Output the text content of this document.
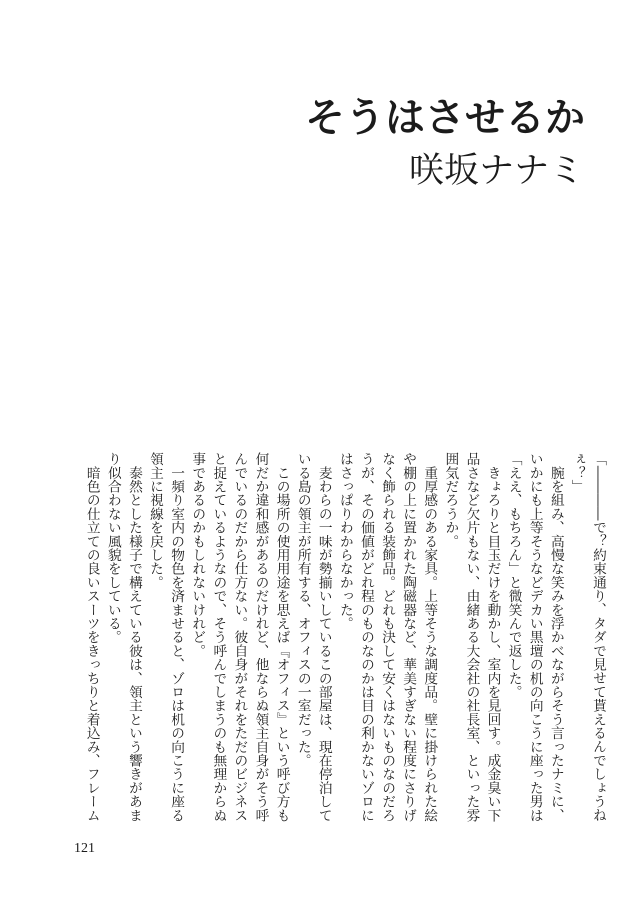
そうはさせるか
咲坂ナナミ
「――――で？約束通り、タダで見せて貰えるんでしょうね
ぇ？」
　腕を組み、高慢な笑みを浮かべながらそう言ったナミに、
いかにも上等そうなどデカい黒壇の机の向こうに座った男は
「ええ、もちろん」と微笑んで返した。
　きょろりと目玉だけを動かし、室内を見回す。成金臭い下
品さなど欠片もない、由緒ある大会社の社長室、といった雰
囲気だろうか。
　重厚感のある家具。上等そうな調度品。壁に掛けられた絵
や棚の上に置かれた陶磁器など、華美すぎない程度にさりげ
なく飾られる装飾品。どれも決して安くはないものなのだろ
うが、その価値がどれ程のものなのかは目の利かないゾロに
はさっぱりわからなかった。
　麦わらの一味が勢揃いしているこの部屋は、現在停泊して
いる島の領主が所有する、オフィスの一室だった。
　この場所の使用用途を思えば『オフィス』という呼び方も
何だか違和感があるのだけれど、他ならぬ領主自身がそう呼
んでいるのだから仕方ない。彼自身がそれをただのビジネス
と捉えているようなので、そう呼んでしまうのも無理からぬ
事であるのかもしれないけれど。
　一頻り室内の物色を済ませると、ゾロは机の向こうに座る
領主に視線を戻した。
　泰然とした様子で構えている彼は、領主という響きがあま
り似合わない風貌をしている。
　暗色の仕立ての良いスーツをきっちりと着込み、フレーム
121
